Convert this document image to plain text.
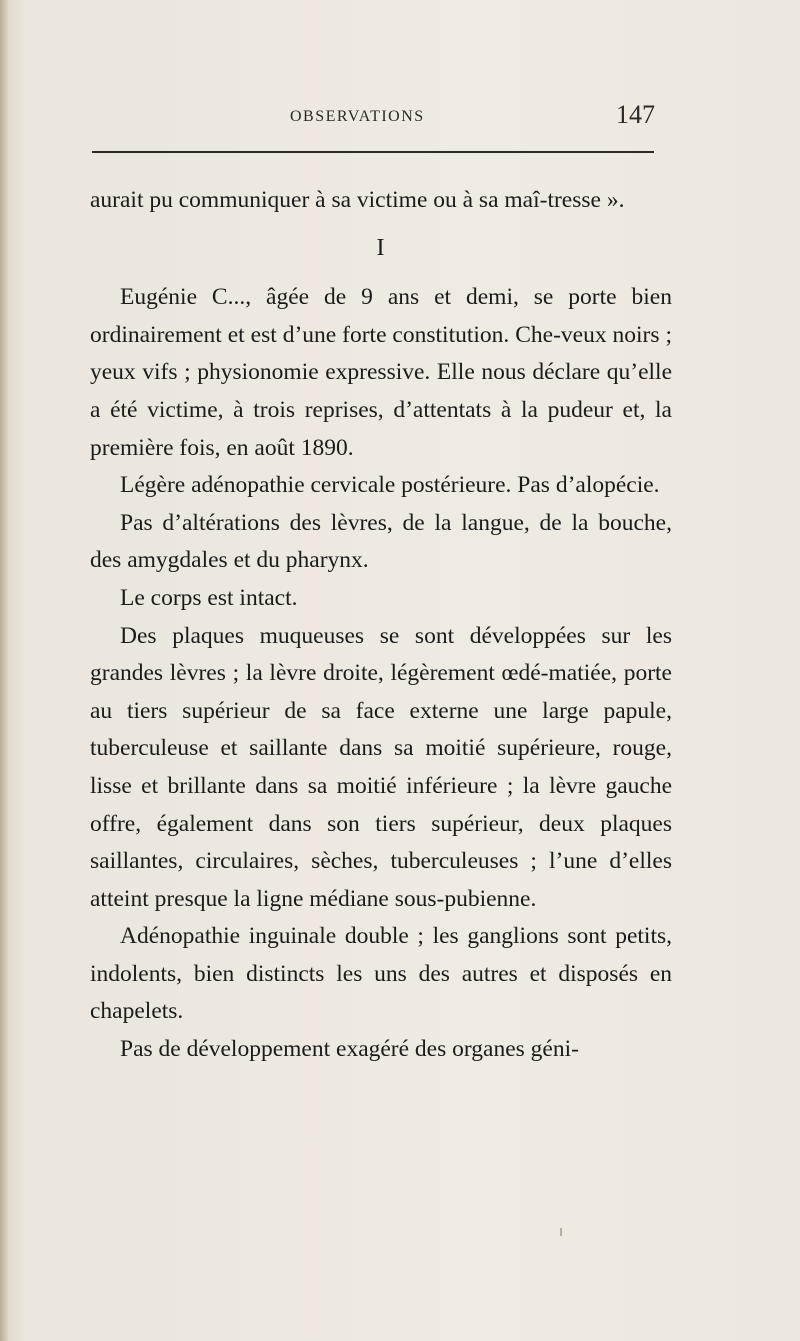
OBSERVATIONS	147

aurait pu communiquer à sa victime ou à sa maî-tresse ».

I

Eugénie C..., âgée de 9 ans et demi, se porte bien ordinairement et est d’une forte constitution. Che-veux noirs ; yeux vifs ; physionomie expressive. Elle nous déclare qu’elle a été victime, à trois reprises, d’attentats à la pudeur et, la première fois, en août 1890.

Légère adénopathie cervicale postérieure. Pas d’alopécie.

Pas d’altérations des lèvres, de la langue, de la bouche, des amygdales et du pharynx.

Le corps est intact.

Des plaques muqueuses se sont développées sur les grandes lèvres ; la lèvre droite, légèrement œdé-matiée, porte au tiers supérieur de sa face externe une large papule, tuberculeuse et saillante dans sa moitié supérieure, rouge, lisse et brillante dans sa moitié inférieure ; la lèvre gauche offre, également dans son tiers supérieur, deux plaques saillantes, circulaires, sèches, tuberculeuses ; l’une d’elles atteint presque la ligne médiane sous-pubienne.

Adénopathie inguinale double ; les ganglions sont petits, indolents, bien distincts les uns des autres et disposés en chapelets.

Pas de développement exagéré des organes géni-
